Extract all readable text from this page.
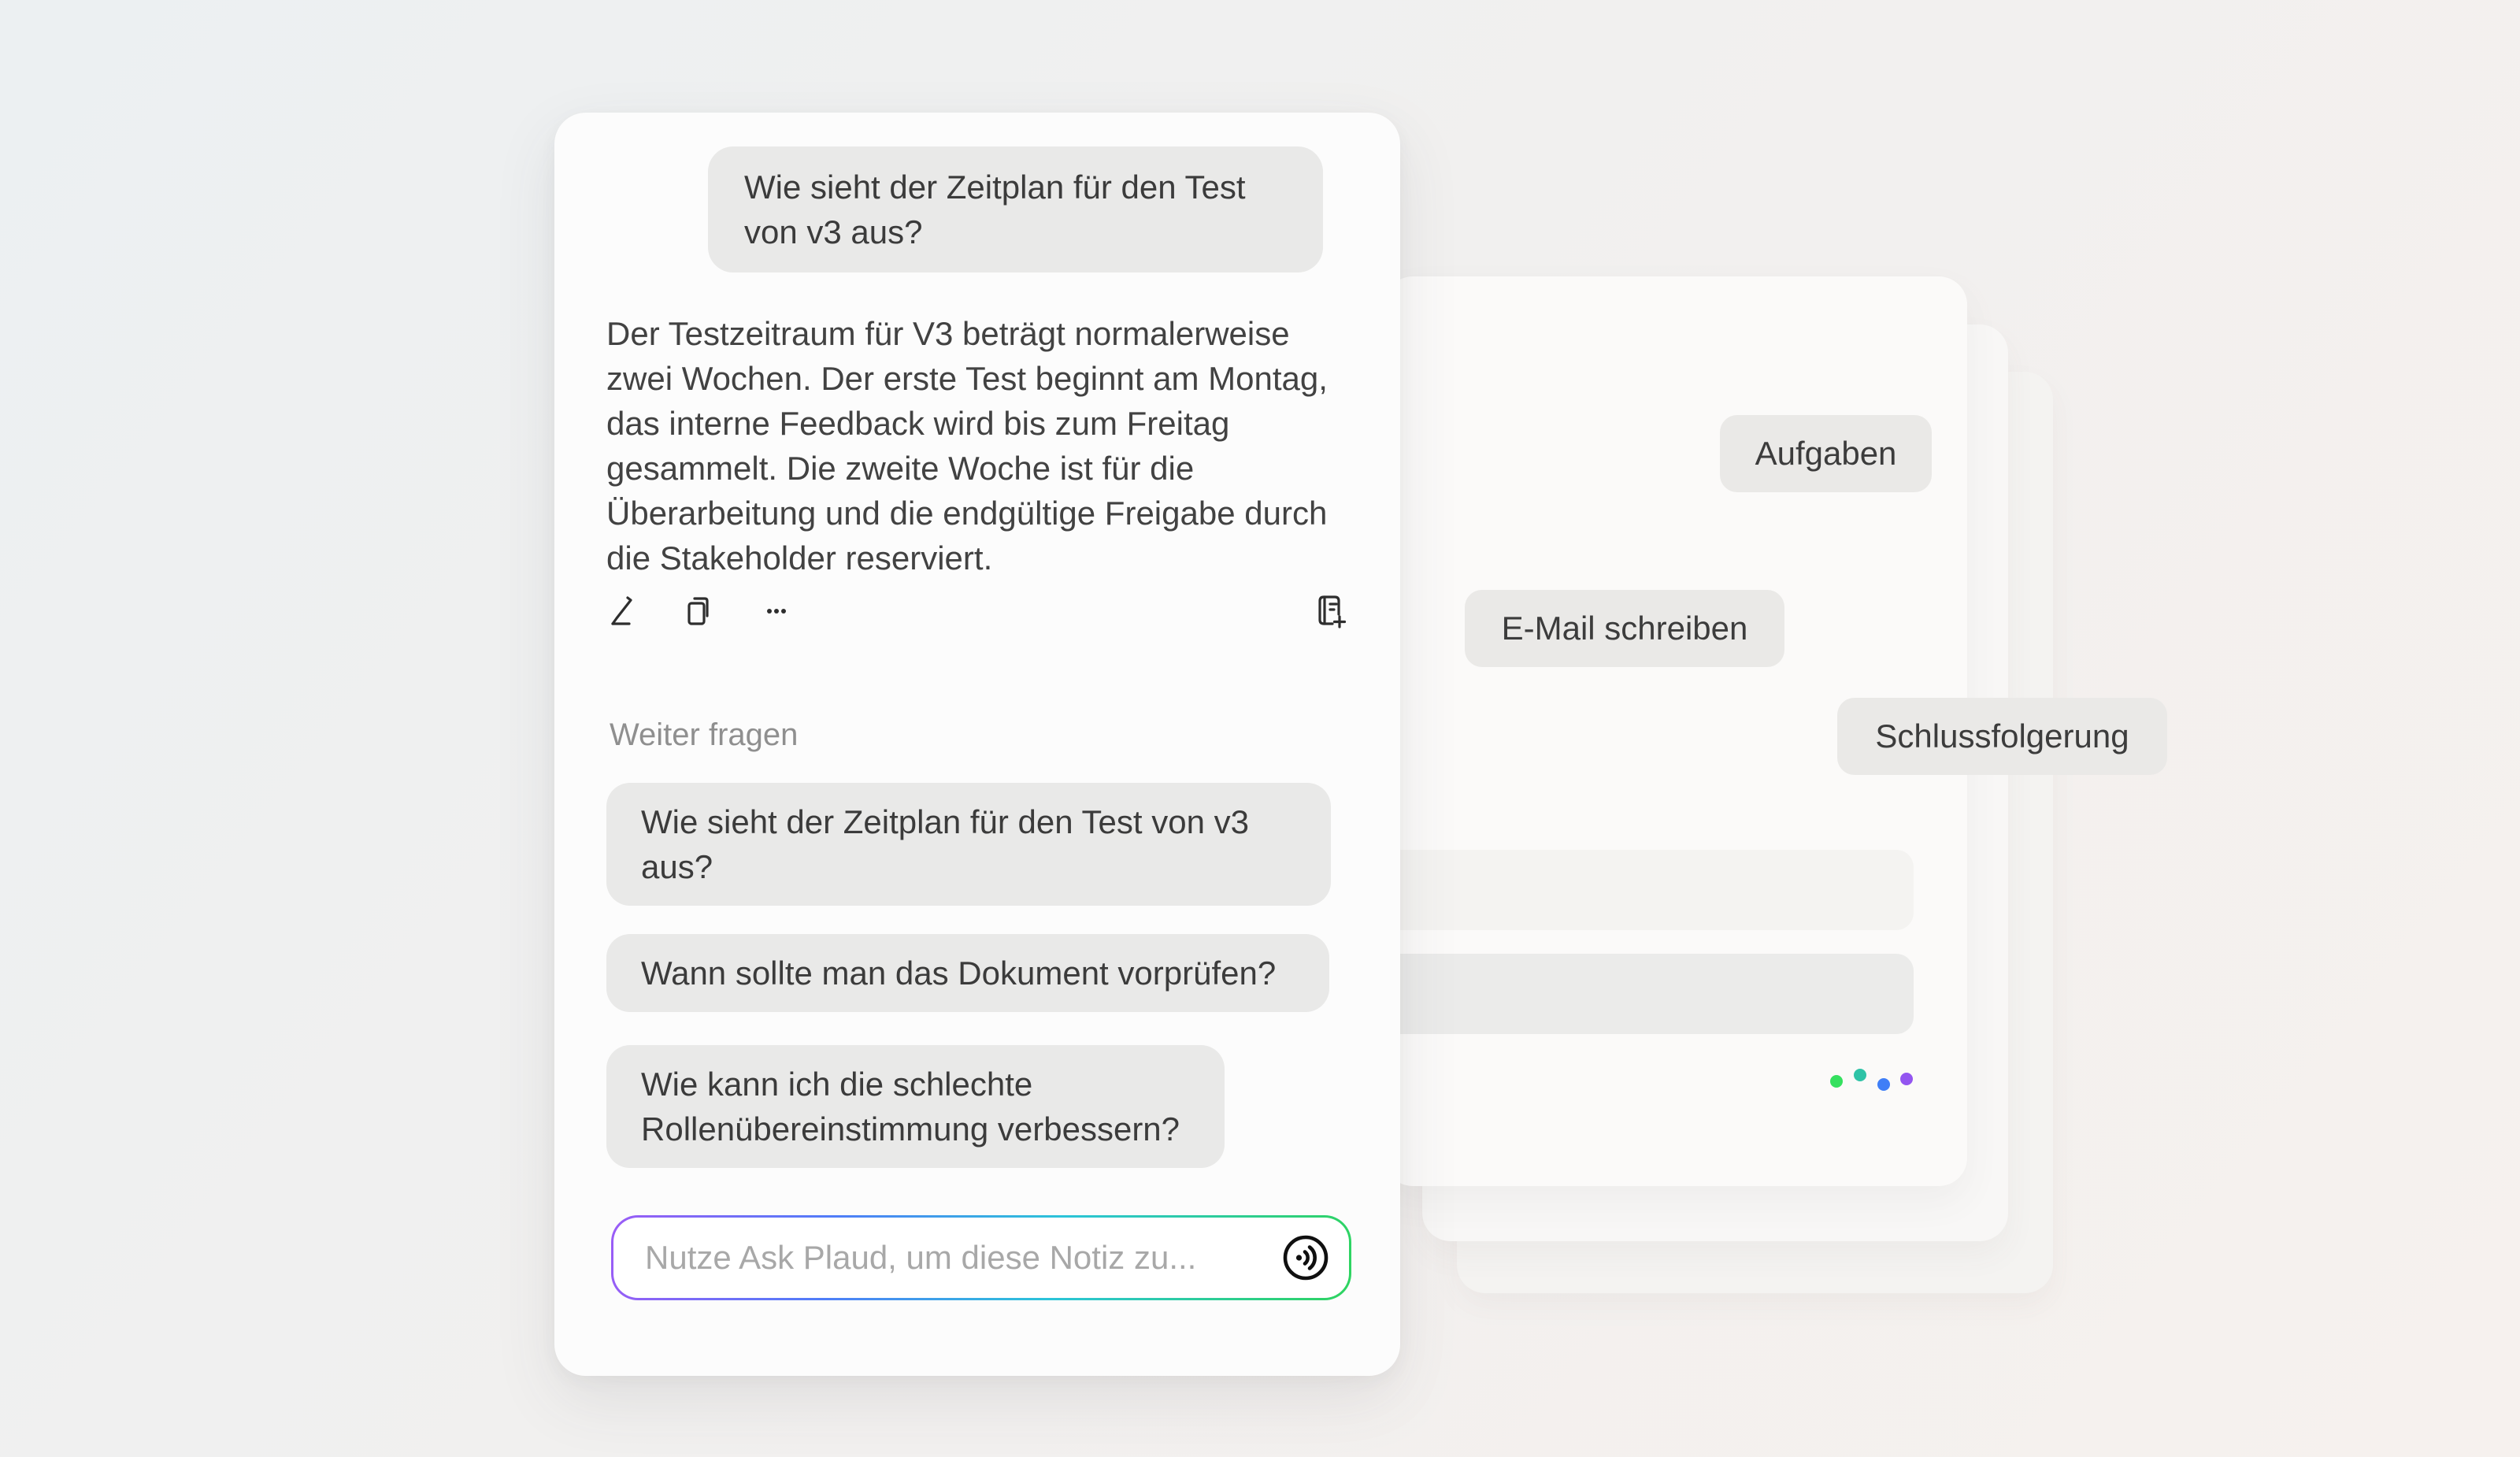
Aufgaben
E-Mail schreiben
Schlussfolgerung
Wie sieht der Zeitplan für den Test von v3 aus?
Der Testzeitraum für V3 beträgt normalerweise zwei Wochen. Der erste Test beginnt am Montag, das interne Feedback wird bis zum Freitag gesammelt. Die zweite Woche ist für die Überarbeitung und die endgültige Freigabe durch die Stakeholder reserviert.
Weiter fragen
Wie sieht der Zeitplan für den Test von v3 aus?
Wann sollte man das Dokument vorprüfen?
Wie kann ich die schlechte Rollenübereinstimmung verbessern?
Nutze Ask Plaud, um diese Notiz zu...
